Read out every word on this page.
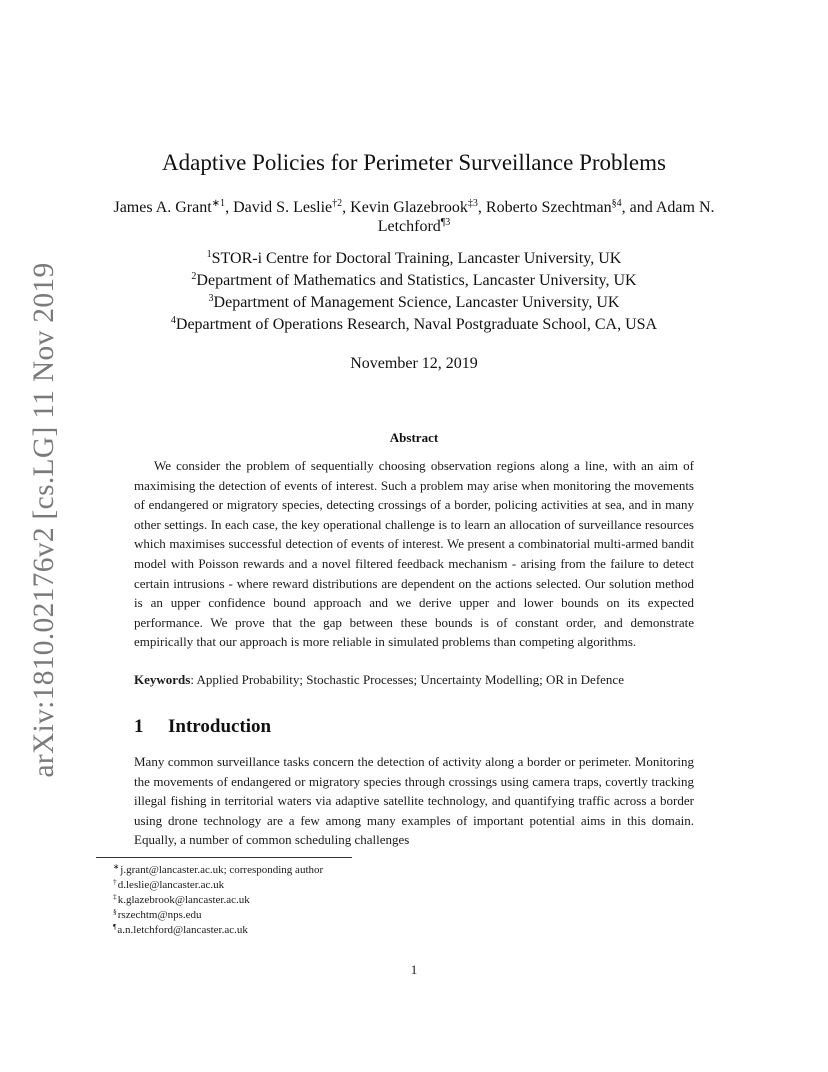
arXiv:1810.02176v2 [cs.LG] 11 Nov 2019
Adaptive Policies for Perimeter Surveillance Problems
James A. Grant$^{∗1}$, David S. Leslie$^{\dagger 2}$, Kevin Glazebrook$^{\ddagger 3}$, Roberto Szechtman$^{\S 4}$, and Adam N. Letchford$^{\P 3}$
$^1$STOR-i Centre for Doctoral Training, Lancaster University, UK
$^2$Department of Mathematics and Statistics, Lancaster University, UK
$^3$Department of Management Science, Lancaster University, UK
$^4$Department of Operations Research, Naval Postgraduate School, CA, USA
November 12, 2019
Abstract

We consider the problem of sequentially choosing observation regions along a line, with an aim of maximising the detection of events of interest. Such a problem may arise when monitoring the movements of endangered or migratory species, detecting crossings of a border, policing activities at sea, and in many other settings. In each case, the key operational challenge is to learn an allocation of surveillance resources which maximises successful detection of events of interest. We present a combinatorial multi-armed bandit model with Poisson rewards and a novel filtered feedback mechanism - arising from the failure to detect certain intrusions - where reward distributions are dependent on the actions selected. Our solution method is an upper confidence bound approach and we derive upper and lower bounds on its expected performance. We prove that the gap between these bounds is of constant order, and demonstrate empirically that our approach is more reliable in simulated problems than competing algorithms.

Keywords: Applied Probability; Stochastic Processes; Uncertainty Modelling; OR in Defence
1 Introduction

Many common surveillance tasks concern the detection of activity along a border or perimeter. Monitoring the movements of endangered or migratory species through crossings using camera traps, covertly tracking illegal fishing in territorial waters via adaptive satellite technology, and quantifying traffic across a border using drone technology are a few among many examples of important potential aims in this domain. Equally, a number of common scheduling challenges

∗j.grant@lancaster.ac.uk; corresponding author
†d.leslie@lancaster.ac.uk
‡k.glazebrook@lancaster.ac.uk
§rszechtm@nps.edu
¶a.n.letchford@lancaster.ac.uk
1
